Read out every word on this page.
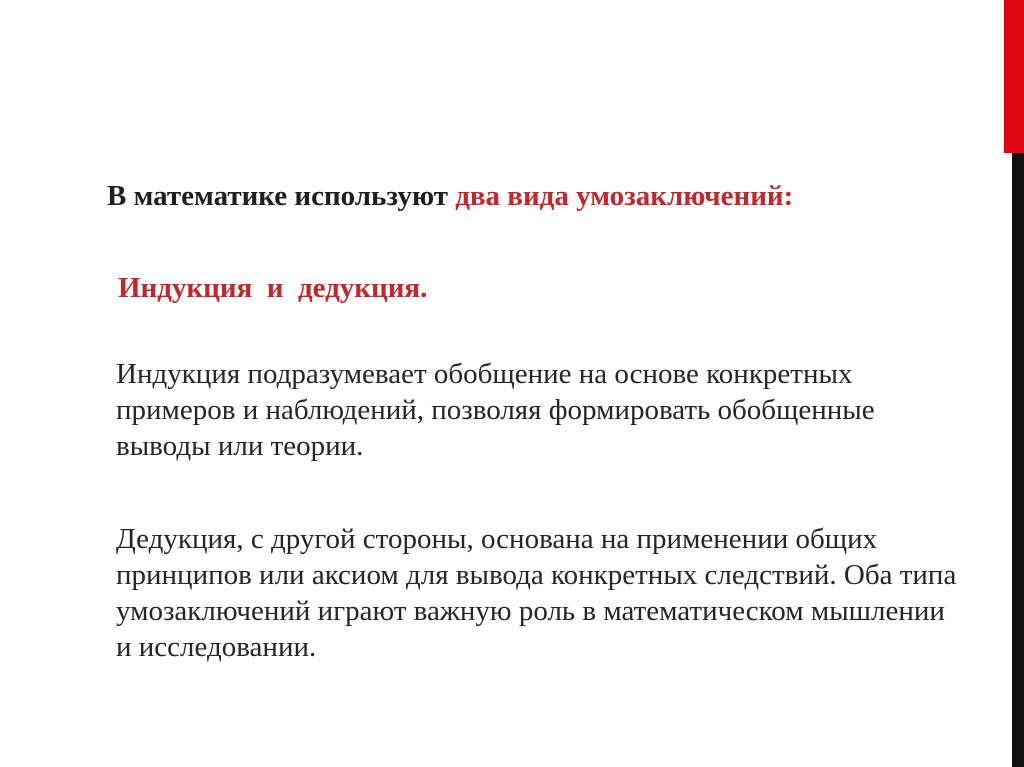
В математике используют два вида умозаключений:

Индукция  и  дедукция.

Индукция подразумевает обобщение на основе конкретных примеров и наблюдений, позволяя формировать обобщенные выводы или теории.

Дедукция, с другой стороны, основана на применении общих принципов или аксиом для вывода конкретных следствий. Оба типа умозаключений играют важную роль в математическом мышлении и исследовании.
